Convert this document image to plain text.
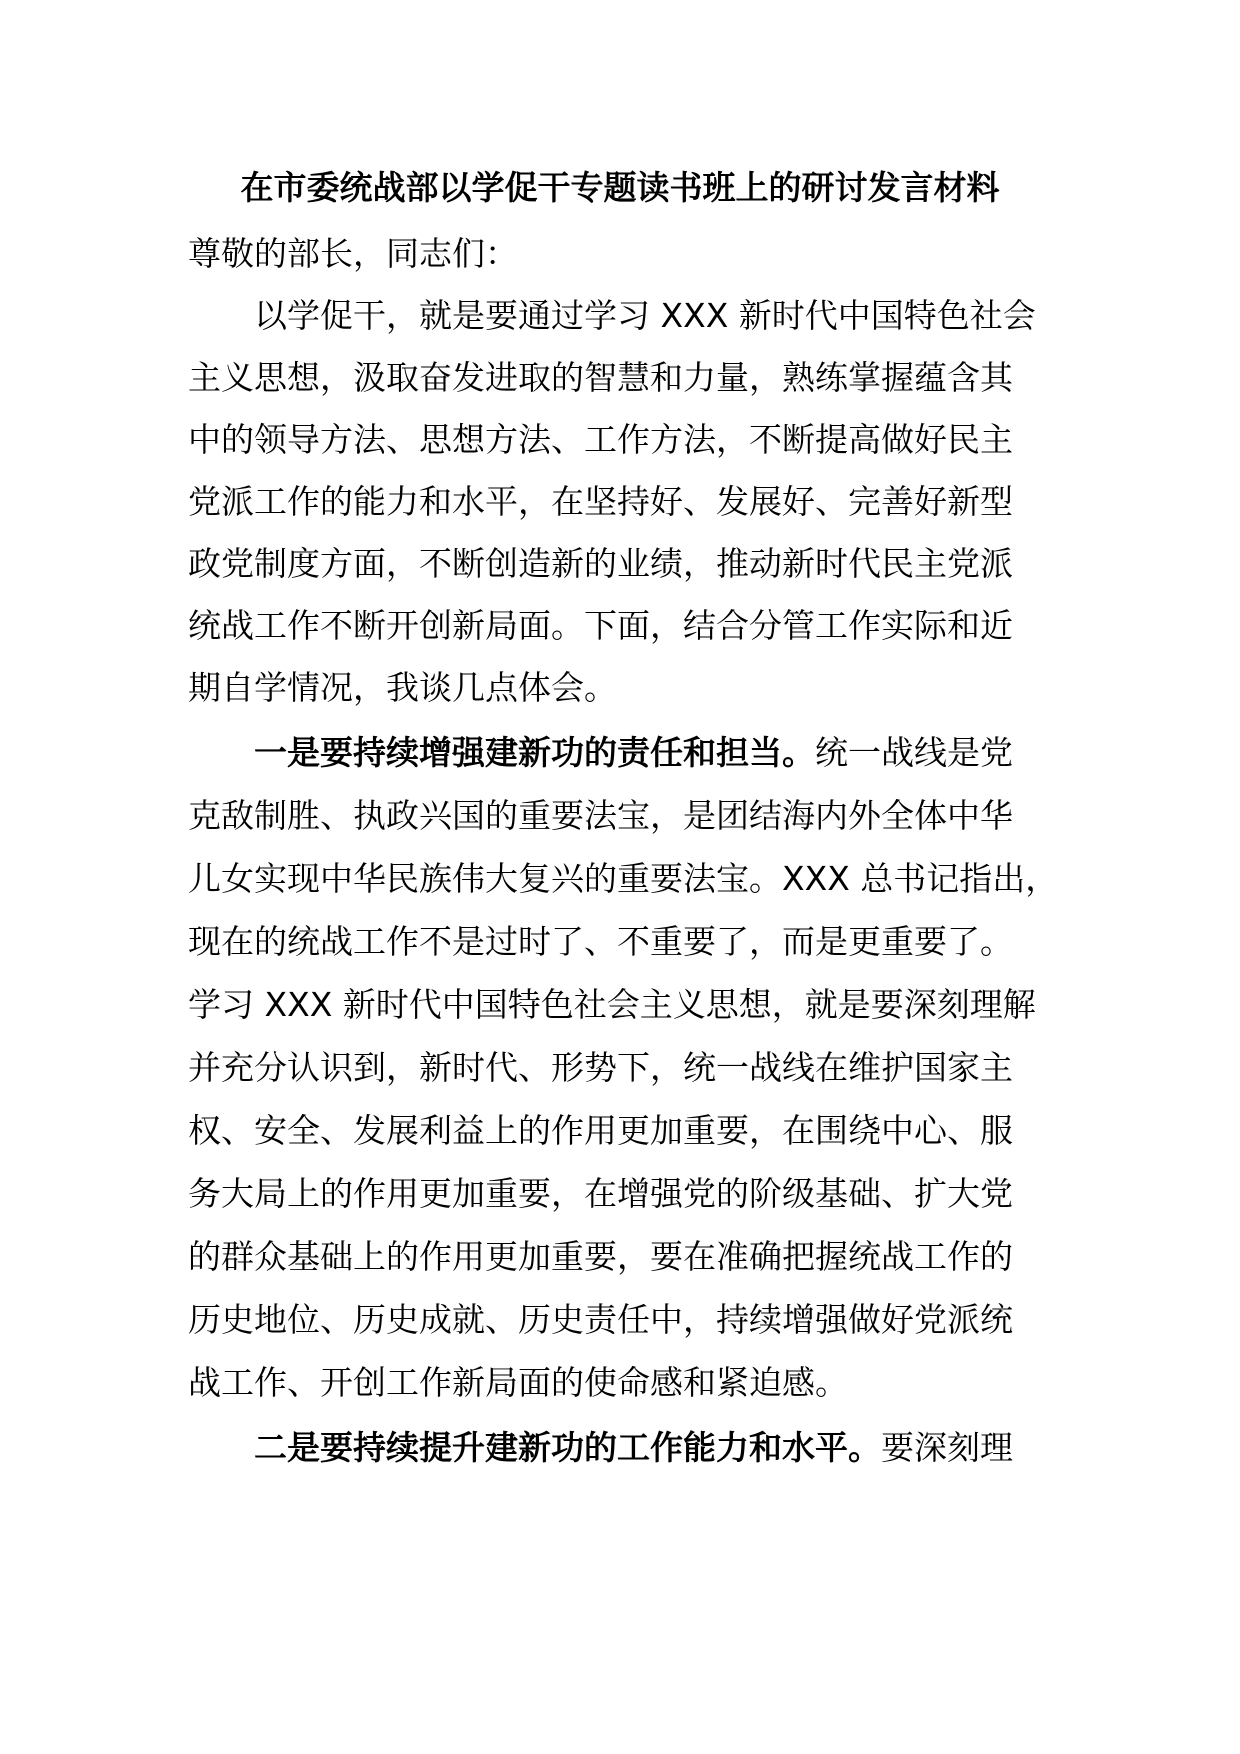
在市委统战部以学促干专题读书班上的研讨发言材料

尊敬的部长，同志们：

以学促干，就是要通过学习 XXX 新时代中国特色社会

主义思想，汲取奋发进取的智慧和力量，熟练掌握蕴含其

中的领导方法、思想方法、工作方法，不断提高做好民主

党派工作的能力和水平，在坚持好、发展好、完善好新型

政党制度方面，不断创造新的业绩，推动新时代民主党派

统战工作不断开创新局面。下面，结合分管工作实际和近

期自学情况，我谈几点体会。

一是要持续增强建新功的责任和担当。统一战线是党

克敌制胜、执政兴国的重要法宝，是团结海内外全体中华

儿女实现中华民族伟大复兴的重要法宝。XXX 总书记指出，

现在的统战工作不是过时了、不重要了，而是更重要了。

学习 XXX 新时代中国特色社会主义思想，就是要深刻理解

并充分认识到，新时代、形势下，统一战线在维护国家主

权、安全、发展利益上的作用更加重要，在围绕中心、服

务大局上的作用更加重要，在增强党的阶级基础、扩大党

的群众基础上的作用更加重要，要在准确把握统战工作的

历史地位、历史成就、历史责任中，持续增强做好党派统

战工作、开创工作新局面的使命感和紧迫感。

二是要持续提升建新功的工作能力和水平。要深刻理
